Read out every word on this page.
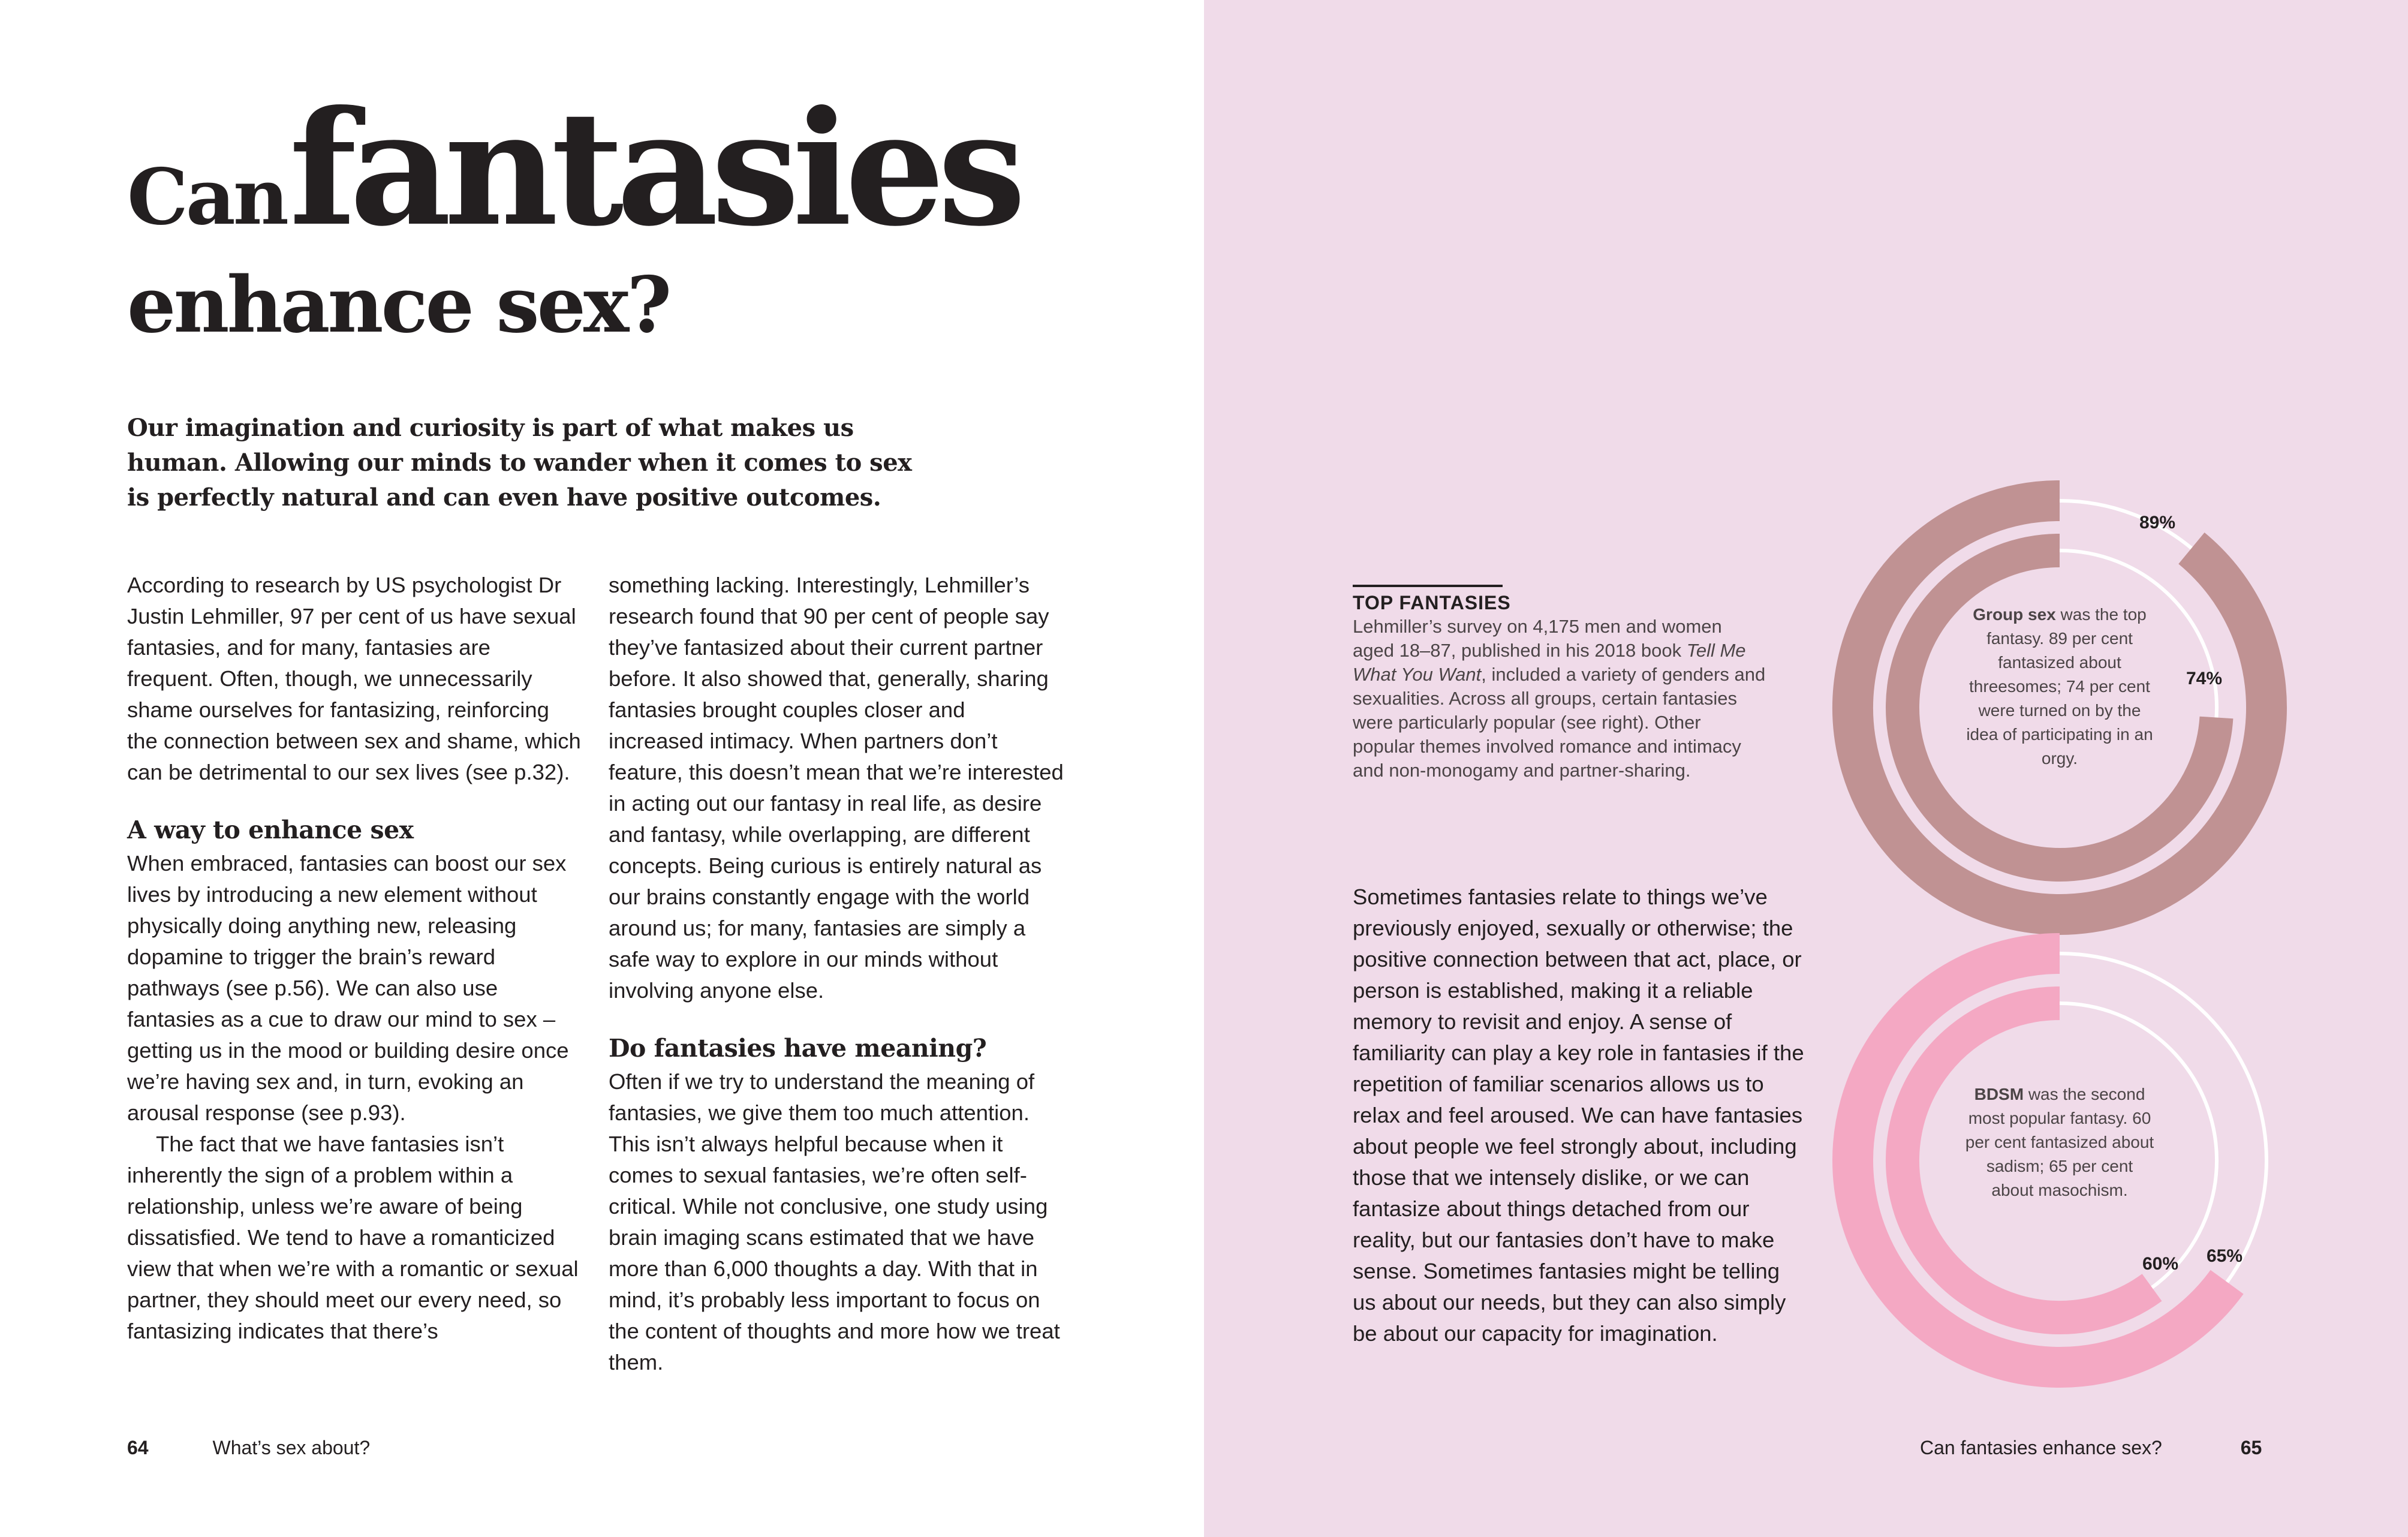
Can fantasies
enhance sex?
Our imagination and curiosity is part of what makes us human. Allowing our minds to wander when it comes to sex is perfectly natural and can even have positive outcomes.

According to research by US psychologist Dr Justin Lehmiller, 97 per cent of us have sexual fantasies, and for many, fantasies are frequent. Often, though, we unnecessarily shame ourselves for fantasizing, reinforcing the connection between sex and shame, which can be detrimental to our sex lives (see p.32).

A way to enhance sex

When embraced, fantasies can boost our sex lives by introducing a new element without physically doing anything new, releasing dopamine to trigger the brain’s reward pathways (see p.56). We can also use fantasies as a cue to draw our mind to sex – getting us in the mood or building desire once we’re having sex and, in turn, evoking an arousal response (see p.93).

The fact that we have fantasies isn’t inherently the sign of a problem within a relationship, unless we’re aware of being dissatisfied. We tend to have a romanticized view that when we’re with a romantic or sexual partner, they should meet our every need, so fantasizing indicates that there’s

something lacking. Interestingly, Lehmiller’s research found that 90 per cent of people say they’ve fantasized about their current partner before. It also showed that, generally, sharing fantasies brought couples closer and increased intimacy. When partners don’t feature, this doesn’t mean that we’re interested in acting out our fantasy in real life, as desire and fantasy, while overlapping, are different concepts. Being curious is entirely natural as our brains constantly engage with the world around us; for many, fantasies are simply a safe way to explore in our minds without involving anyone else.

Do fantasies have meaning?

Often if we try to understand the meaning of fantasies, we give them too much attention. This isn’t always helpful because when it comes to sexual fantasies, we’re often self-critical. While not conclusive, one study using brain imaging scans estimated that we have more than 6,000 thoughts a day. With that in mind, it’s probably less important to focus on the content of thoughts and more how we treat them.

64	What’s sex about?

TOP FANTASIES

Lehmiller’s survey on 4,175 men and women aged 18–87, published in his 2018 book Tell Me What You Want, included a variety of genders and sexualities. Across all groups, certain fantasies were particularly popular (see right). Other popular themes involved romance and intimacy and non-monogamy and partner-sharing.

Sometimes fantasies relate to things we’ve previously enjoyed, sexually or otherwise; the positive connection between that act, place, or person is established, making it a reliable memory to revisit and enjoy. A sense of familiarity can play a key role in fantasies if the repetition of familiar scenarios allows us to relax and feel aroused. We can have fantasies about people we feel strongly about, including those that we intensely dislike, or we can fantasize about things detached from our reality, but our fantasies don’t have to make sense. Sometimes fantasies might be telling us about our needs, but they can also simply be about our capacity for imagination.

Group sex was the top fantasy. 89 per cent fantasized about threesomes; 74 per cent were turned on by the idea of participating in an orgy.
89%
74%
BDSM was the second most popular fantasy. 60 per cent fantasized about sadism; 65 per cent about masochism.
65%
60%
Can fantasies enhance sex?	65
